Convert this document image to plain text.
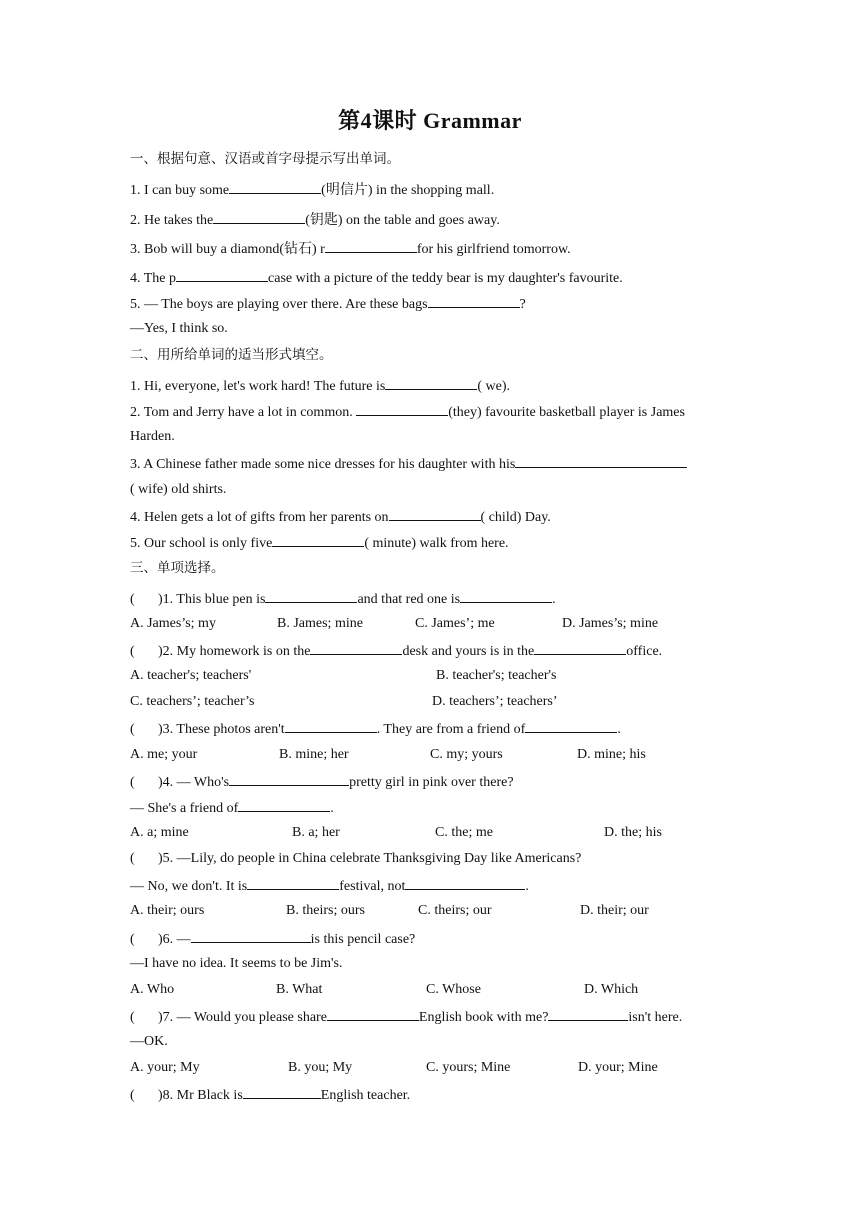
第4课时 Grammar
一、根据句意、汉语或首字母提示写出单词。
1. I can buy some	(明信片) in the shopping mall.
2. He takes the	(钥匙) on the table and goes away.
3. Bob will buy a diamond(钻石) r	for his girlfriend tomorrow.
4. The p	case with a picture of the teddy bear is my daughter's favourite.
5. — The boys are playing over there. Are these bags	?
—Yes, I think so.
二、用所给单词的适当形式填空。
1. Hi, everyone, let's work hard! The future is	( we).
2. Tom and Jerry have a lot in common.	(they) favourite basketball player is James
Harden.
3. A Chinese father made some nice dresses for his daughter with his
( wife) old shirts.
4. Helen gets a lot of gifts from her parents on	( child) Day.
5. Our school is only five	( minute) walk from here.
三、单项选择。
( )1. This blue pen is	and that red one is	.
A. James’s; my	B. James; mine	C. James’; me	D. James’s; mine
( )2. My homework is on the	desk and yours is in the	office.
A. teacher's; teachers'	B. teacher's; teacher's
C. teachers’; teacher’s	D. teachers’; teachers’
( )3. These photos aren't	. They are from a friend of	.
A. me; your	B. mine; her	C. my; yours	D. mine; his
( )4. — Who's	pretty girl in pink over there?
— She's a friend of	.
A. a; mine	B. a; her	C. the; me	D. the; his
( )5. —Lily, do people in China celebrate Thanksgiving Day like Americans?
— No, we don't. It is	festival, not	.
A. their; ours	B. theirs; ours	C. theirs; our	D. their; our
( )6. —	is this pencil case?
—I have no idea. It seems to be Jim's.
A. Who	B. What	C. Whose	D. Which
( )7. — Would you please share	English book with me?	isn't here.
—OK.
A. your; My	B. you; My	C. yours; Mine	D. your; Mine
( )8. Mr Black is	English teacher.
